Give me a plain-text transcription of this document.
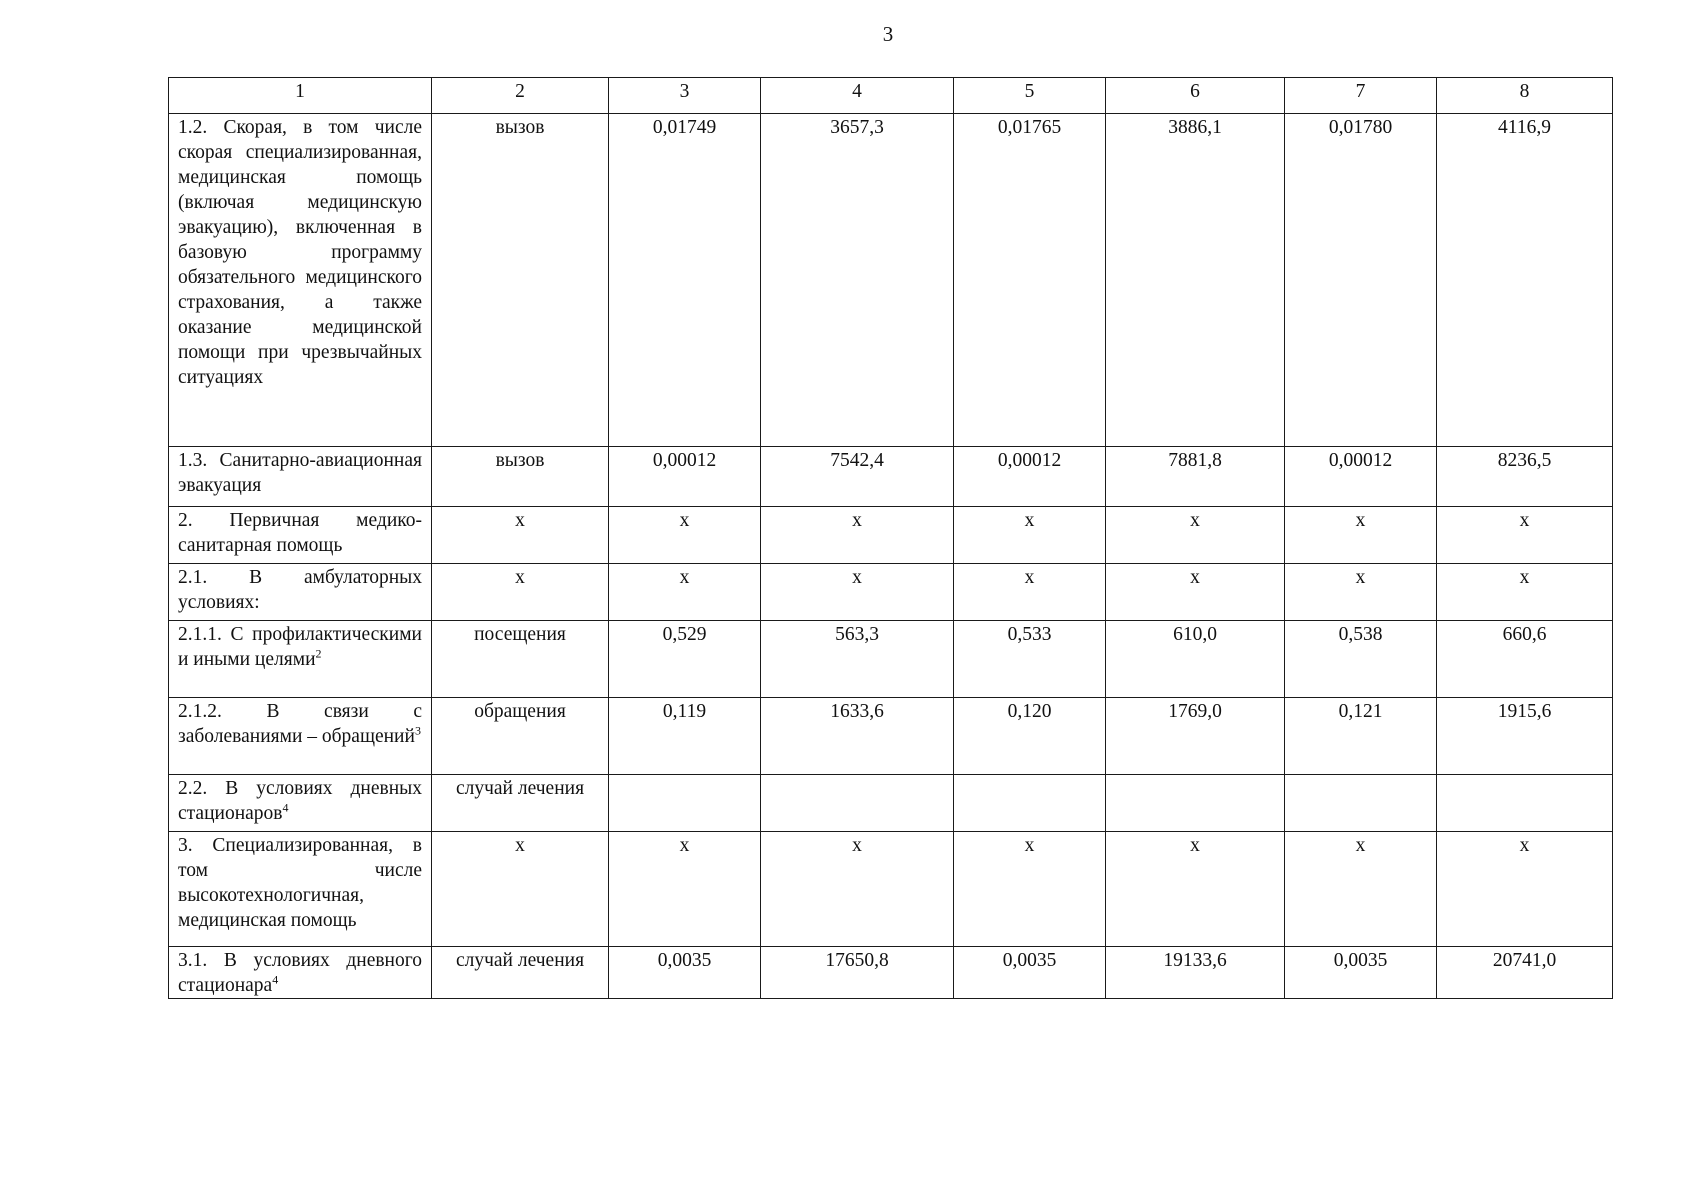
3
1	2	3	4	5	6	7	8
1.2. Скорая, в том числе скорая специализированная, медицинская помощь (включая медицинскую эвакуацию), включенная в базовую программу обязательного медицинского страхования, а также оказание медицинской помощи при чрезвычайных ситуациях	вызов	0,01749	3657,3	0,01765	3886,1	0,01780	4116,9
1.3. Санитарно-авиационная эвакуация	вызов	0,00012	7542,4	0,00012	7881,8	0,00012	8236,5
2. Первичная медико-санитарная помощь	х	х	х	х	х	х	х
2.1. В амбулаторных условиях:	х	х	х	х	х	х	х
2.1.1. С профилактическими и иными целями$^2$	посещения	0,529	563,3	0,533	610,0	0,538	660,6
2.1.2. В связи с заболеваниями – обращений$^3$	обращения	0,119	1633,6	0,120	1769,0	0,121	1915,6
2.2. В условиях дневных стационаров$^4$	случай лечения						
3. Специализированная, в том числе высокотехнологичная, медицинская помощь	х	х	х	х	х	х	х
3.1. В условиях дневного стационара$^4$	случай лечения	0,0035	17650,8	0,0035	19133,6	0,0035	20741,0
